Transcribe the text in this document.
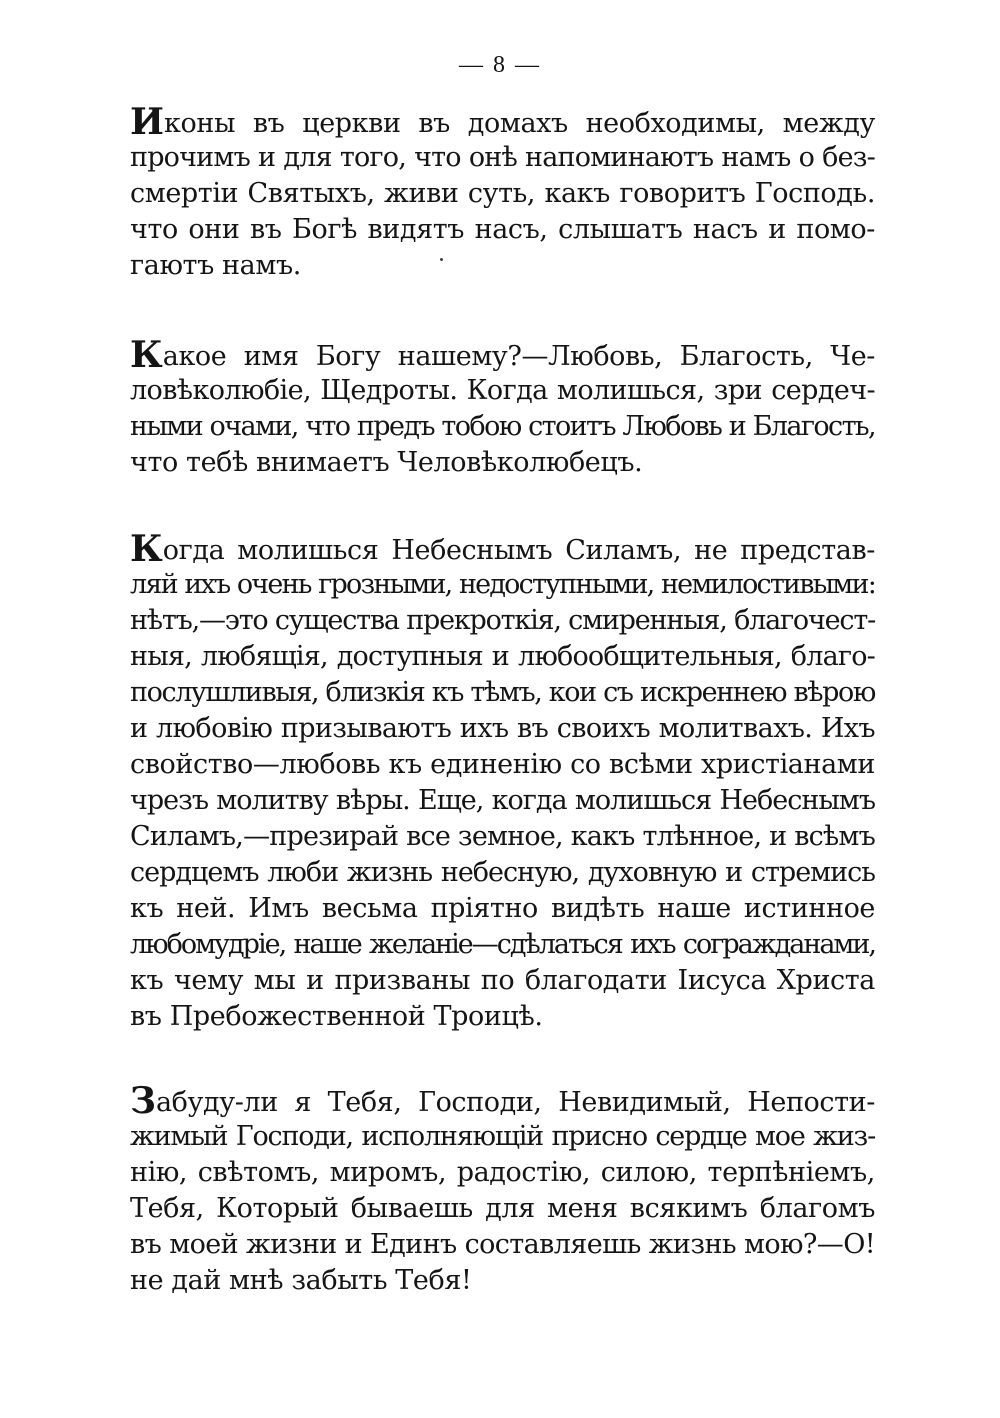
— 8 —
Иконы въ церкви въ домахъ необходимы, между
прочимъ и для того, что онѣ напоминаютъ намъ о без-
смертіи Святыхъ, живи суть, какъ говоритъ Господь.
что они въ Богѣ видятъ насъ, слышатъ насъ и помо-
гаютъ намъ.
Какое имя Богу нашему?—Любовь, Благость, Че-
ловѣколюбіе, Щедроты. Когда молишься, зри сердеч-
ными очами, что предъ тобою стоитъ Любовь и Благость,
что тебѣ внимаетъ Человѣколюбецъ.
Когда молишься Небеснымъ Силамъ, не представ-
ляй ихъ очень грозными, недоступными, немилостивыми:
нѣтъ,—это существа прекроткія, смиренныя, благочест-
ныя, любящія, доступныя и любообщительныя, благо-
послушливыя, близкія къ тѣмъ, кои съ искреннею вѣрою
и любовію призываютъ ихъ въ своихъ молитвахъ. Ихъ
свойство—любовь къ единенію со всѣми христіанами
чрезъ молитву вѣры. Еще, когда молишься Небеснымъ
Силамъ,—презирай все земное, какъ тлѣнное, и всѣмъ
сердцемъ люби жизнь небесную, духовную и стремись
къ ней. Имъ весьма пріятно видѣть наше истинное
любомудріе, наше желаніе—сдѣлаться ихъ согражданами,
къ чему мы и призваны по благодати Іисуса Христа
въ Пребожественной Троицѣ.
Забуду-ли я Тебя, Господи, Невидимый, Непости-
жимый Господи, исполняющій присно сердце мое жиз-
нію, свѣтомъ, миромъ, радостію, силою, терпѣніемъ,
Тебя, Который бываешь для меня всякимъ благомъ
въ моей жизни и Единъ составляешь жизнь мою?—О!
не дай мнѣ забыть Тебя!
